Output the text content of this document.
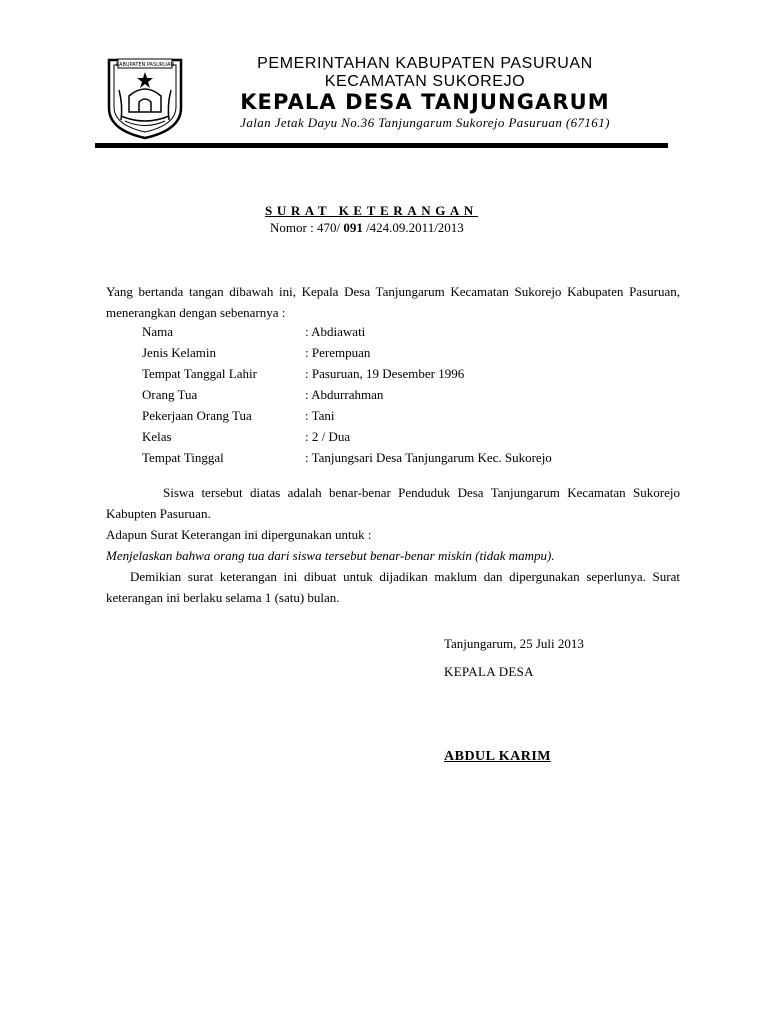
KABUPATEN PASURUAN	PEMERINTAHAN KABUPATEN PASURUAN
KECAMATAN SUKOREJO
KEPALA DESA TANJUNGARUM
Jalan Jetak Dayu No.36 Tanjungarum Sukorejo Pasuruan (67161)
SURAT KETERANGAN
Nomor : 470/ 091 /424.09.2011/2013
Yang bertanda tangan dibawah ini, Kepala Desa Tanjungarum Kecamatan Sukorejo Kabupaten Pasuruan, menerangkan dengan sebenarnya :
Nama	: Abdiawati
Jenis Kelamin	: Perempuan
Tempat Tanggal Lahir	: Pasuruan, 19 Desember 1996
Orang Tua	: Abdurrahman
Pekerjaan Orang Tua	: Tani
Kelas	: 2 / Dua
Tempat Tinggal	: Tanjungsari Desa Tanjungarum Kec. Sukorejo
Siswa tersebut diatas adalah benar-benar Penduduk Desa Tanjungarum Kecamatan Sukorejo Kabupten Pasuruan.
Adapun Surat Keterangan ini dipergunakan untuk :
Menjelaskan bahwa orang tua dari siswa tersebut benar-benar miskin (tidak mampu).
Demikian surat keterangan ini dibuat untuk dijadikan maklum dan dipergunakan seperlunya. Surat keterangan ini berlaku selama 1 (satu) bulan.
Tanjungarum, 25 Juli 2013
KEPALA DESA
ABDUL KARIM
